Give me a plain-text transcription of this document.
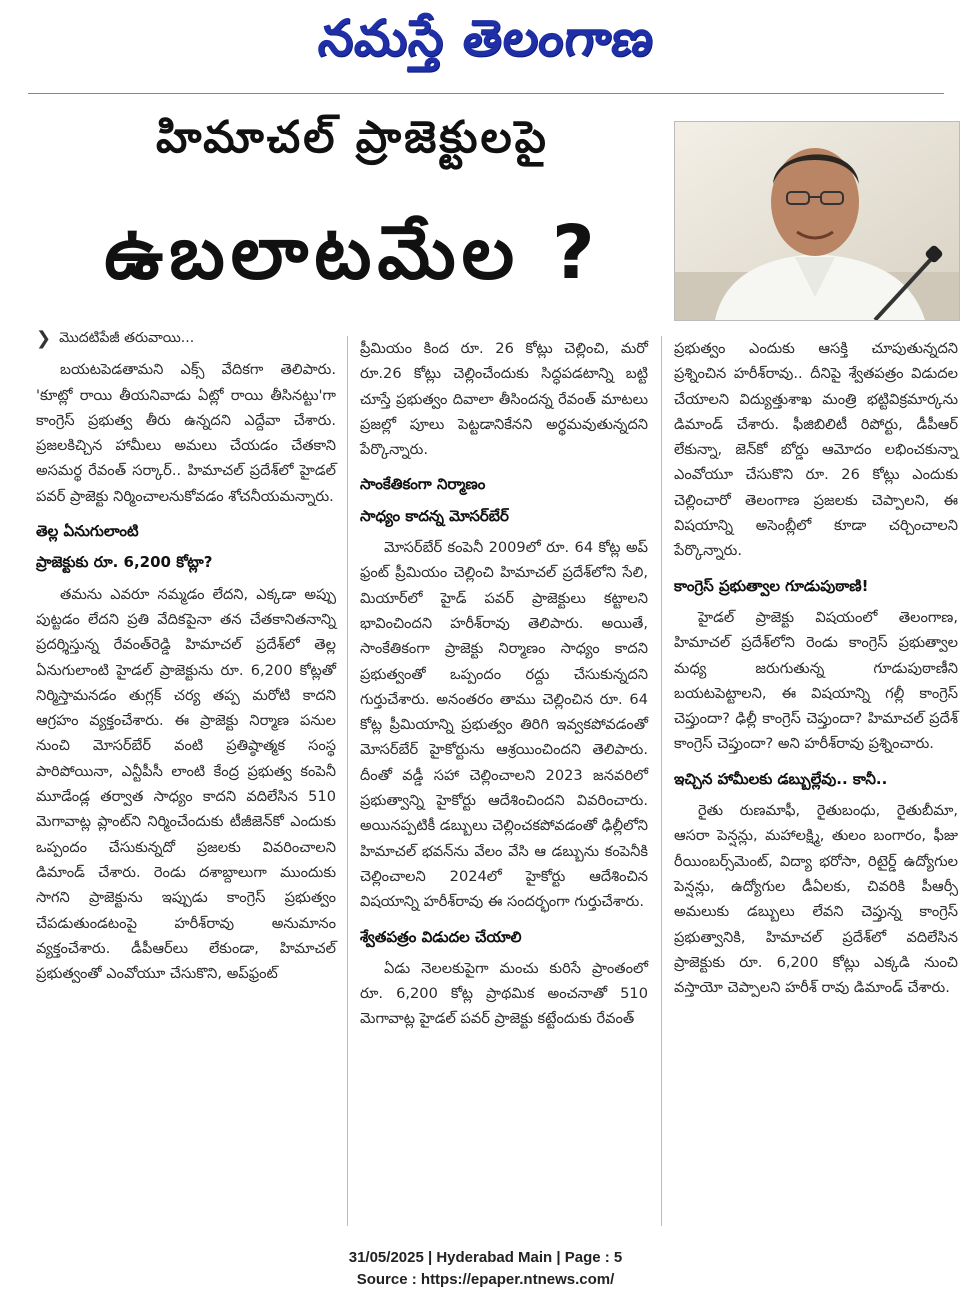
నమస్తే తెలంగాణ
హిమాచల్ ప్రాజెక్టులపై
ఉబలాటమేల ?
❯ మొదటిపేజీ తరువాయి...

బయటపెడతామని ఎక్స్ వేదికగా తెలిపారు. 'కూట్లో రాయి తీయనివాడు ఏట్లో రాయి తీసినట్టు'గా కాంగ్రెస్ ప్రభుత్వ తీరు ఉన్నదని ఎద్దేవా చేశారు. ప్రజలకిచ్చిన హామీలు అమలు చేయడం చేతకాని అసమర్థ రేవంత్ సర్కార్.. హిమాచల్ ప్రదేశ్‌లో హైడల్ పవర్ ప్రాజెక్టు నిర్మించాలనుకోవడం శోచనీయమన్నారు.

తెల్ల ఏనుగులాంటి
ప్రాజెక్టుకు రూ. 6,200 కోట్లా?

తమను ఎవరూ నమ్మడం లేదని, ఎక్కడా అప్పు పుట్టడం లేదని ప్రతి వేదికపైనా తన చేతకానితనాన్ని ప్రదర్శిస్తున్న రేవంత్‌రెడ్డి హిమాచల్ ప్రదేశ్‌లో తెల్ల ఏనుగులాంటి హైడల్ ప్రాజెక్టును రూ. 6,200 కోట్లతో నిర్మిస్తామనడం తుగ్లక్ చర్య తప్ప మరోటి కాదని ఆగ్రహం వ్యక్తంచేశారు. ఈ ప్రాజెక్టు నిర్మాణ పనుల నుంచి మోసర్‌బేర్ వంటి ప్రతిష్ఠాత్మక సంస్థ పారిపోయినా, ఎన్టీపీసీ లాంటి కేంద్ర ప్రభుత్వ కంపెనీ మూడేండ్ల తర్వాత సాధ్యం కాదని వదిలేసిన 510 మెగావాట్ల ప్లాంట్‌ని నిర్మించేందుకు టీజీజెన్‌కో ఎందుకు ఒప్పందం చేసుకున్నదో ప్రజలకు వివరించాలని డిమాండ్ చేశారు. రెండు దశాబ్దాలుగా ముందుకు సాగని ప్రాజెక్టును ఇప్పుడు కాంగ్రెస్ ప్రభుత్వం చేపడుతుండటంపై హరీశ్‌రావు అనుమానం వ్యక్తంచేశారు. డీపీఆర్‌లు లేకుండా, హిమాచల్ ప్రభుత్వంతో ఎంవోయూ చేసుకొని, అప్‌ఫ్రంట్

ప్రీమియం కింద రూ. 26 కోట్లు చెల్లించి, మరో రూ.26 కోట్లు చెల్లించేందుకు సిద్ధపడటాన్ని బట్టి చూస్తే ప్రభుత్వం దివాలా తీసిందన్న రేవంత్ మాటలు ప్రజల్లో పూలు పెట్టడానికేనని అర్థమవుతున్నదని పేర్కొన్నారు.

సాంకేతికంగా నిర్మాణం
సాధ్యం కాదన్న మోసర్‌బేర్

మోసర్‌బేర్ కంపెనీ 2009లో రూ. 64 కోట్ల అప్ ఫ్రంట్ ప్రీమియం చెల్లించి హిమాచల్ ప్రదేశ్‌లోని సేలి, మియార్‌లో హైడ్ పవర్ ప్రాజెక్టులు కట్టాలని భావించిందని హరీశ్‌రావు తెలిపారు. అయితే, సాంకేతికంగా ప్రాజెక్టు నిర్మాణం సాధ్యం కాదని ప్రభుత్వంతో ఒప్పందం రద్దు చేసుకున్నదని గుర్తుచేశారు. అనంతరం తాము చెల్లించిన రూ. 64 కోట్ల ప్రీమియాన్ని ప్రభుత్వం తిరిగి ఇవ్వకపోవడంతో మోసర్‌బేర్ హైకోర్టును ఆశ్రయించిందని తెలిపారు. దీంతో వడ్డీ సహా చెల్లించాలని 2023 జనవరిలో ప్రభుత్వాన్ని హైకోర్టు ఆదేశించిందని వివరించారు. అయినప్పటికీ డబ్బులు చెల్లించకపోవడంతో ఢిల్లీలోని హిమాచల్ భవన్‌ను వేలం వేసి ఆ డబ్బును కంపెనీకి చెల్లించాలని 2024లో హైకోర్టు ఆదేశించిన విషయాన్ని హరీశ్‌రావు ఈ సందర్భంగా గుర్తుచేశారు.

శ్వేతపత్రం విడుదల చేయాలి

ఏడు నెలలకుపైగా మంచు కురిసే ప్రాంతంలో రూ. 6,200 కోట్ల ప్రాథమిక అంచనాతో 510 మెగావాట్ల హైడల్ పవర్ ప్రాజెక్టు కట్టేందుకు రేవంత్

ప్రభుత్వం ఎందుకు ఆసక్తి చూపుతున్నదని ప్రశ్నించిన హరీశ్‌రావు.. దీనిపై శ్వేతపత్రం విడుదల చేయాలని విద్యుత్తుశాఖ మంత్రి భట్టివిక్రమార్కను డిమాండ్ చేశారు. ఫీజిబిలిటీ రిపోర్టు, డీపీఆర్ లేకున్నా, జెన్‌కో బోర్డు ఆమోదం లభించకున్నా ఎంవోయూ చేసుకొని రూ. 26 కోట్లు ఎందుకు చెల్లించారో తెలంగాణ ప్రజలకు చెప్పాలని, ఈ విషయాన్ని అసెంబ్లీలో కూడా చర్చించాలని పేర్కొన్నారు.

కాంగ్రెస్ ప్రభుత్వాల గూడుపుఠాణి!

హైడల్ ప్రాజెక్టు విషయంలో తెలంగాణ, హిమాచల్ ప్రదేశ్‌లోని రెండు కాంగ్రెస్ ప్రభుత్వాల మధ్య జరుగుతున్న గూడుపుఠాణీని బయటపెట్టాలని, ఈ విషయాన్ని గల్లీ కాంగ్రెస్ చెప్తుందా? ఢిల్లీ కాంగ్రెస్ చెప్తుందా? హిమాచల్ ప్రదేశ్ కాంగ్రెస్ చెప్తుందా? అని హరీశ్‌రావు ప్రశ్నించారు.

ఇచ్చిన హామీలకు డబ్బుల్లేవు.. కానీ..

రైతు రుణమాఫీ, రైతుబంధు, రైతుబీమా, ఆసరా పెన్షన్లు, మహాలక్ష్మి, తులం బంగారం, ఫీజు రీయింబర్స్‌మెంట్, విద్యా భరోసా, రిటైర్డ్ ఉద్యోగుల పెన్షన్లు, ఉద్యోగుల డీఏలకు, చివరికి పీఆర్సీ అమలుకు డబ్బులు లేవని చెప్తున్న కాంగ్రెస్ ప్రభుత్వానికి, హిమాచల్ ప్రదేశ్‌లో వదిలేసిన ప్రాజెక్టుకు రూ. 6,200 కోట్లు ఎక్కడి నుంచి వస్తాయో చెప్పాలని హరీశ్ రావు డిమాండ్ చేశారు.

31/05/2025 | Hyderabad Main | Page : 5
Source : https://epaper.ntnews.com/
